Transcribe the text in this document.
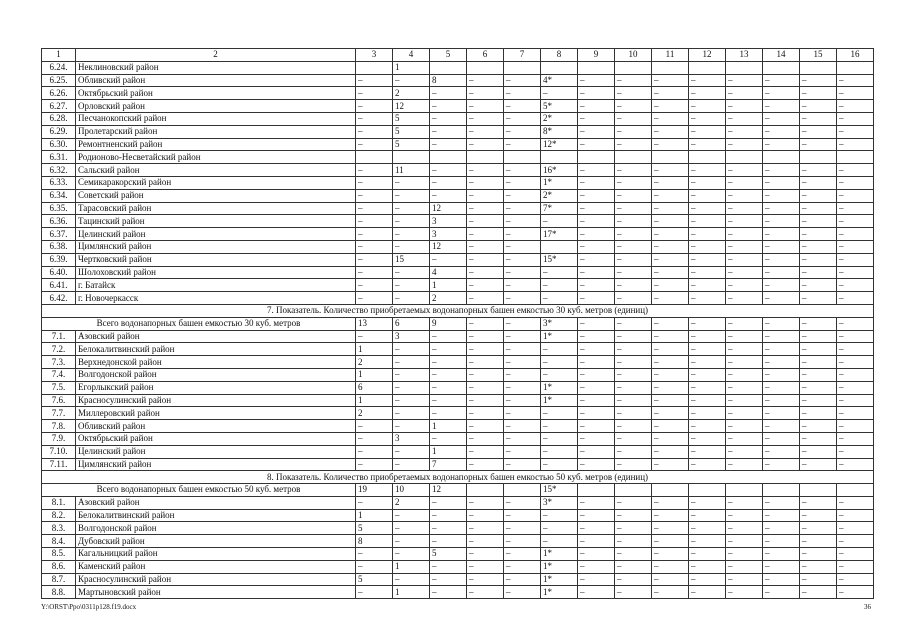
1	2	3	4	5	6	7	8	9	10	11	12	13	14	15	16
6.24.	Неклиновский район		1												
6.25.	Обливский район	–	–	8	–	–	4*	–	–	–	–	–	–	–	–
6.26.	Октябрьский район	–	2	–	–	–	–	–	–	–	–	–	–	–	–
6.27.	Орловский район	–	12	–	–	–	5*	–	–	–	–	–	–	–	–
6.28.	Песчанокопский район	–	5	–	–	–	2*	–	–	–	–	–	–	–	–
6.29.	Пролетарский район	–	5	–	–	–	8*	–	–	–	–	–	–	–	–
6.30.	Ремонтненский район	–	5	–	–	–	12*	–	–	–	–	–	–	–	–
6.31.	Родионово-Несветайский район														
6.32.	Сальский район	–	11	–	–	–	16*	–	–	–	–	–	–	–	–
6.33.	Семикаракорский район	–	–	–	–	–	1*	–	–	–	–	–	–	–	–
6.34.	Советский район	–	–	–	–	–	2*	–	–	–	–	–	–	–	–
6.35.	Тарасовский район	–	–	12	–	–	7*	–	–	–	–	–	–	–	–
6.36.	Тацинский район	–	–	3	–	–	–	–	–	–	–	–	–	–	–
6.37.	Целинский район	–	–	3	–	–	17*	–	–	–	–	–	–	–	–
6.38.	Цимлянский район	–	–	12	–	–		–	–	–	–	–	–	–	–
6.39.	Чертковский район	–	15	–	–	–	15*	–	–	–	–	–	–	–	–
6.40.	Шолоховский район	–	–	4	–	–	–	–	–	–	–	–	–	–	–
6.41.	г. Батайск	–	–	1	–	–	–	–	–	–	–	–	–	–	–
6.42.	г. Новочеркасск	–	–	2	–	–	–	–	–	–	–	–	–	–	–
7. Показатель. Количество приобретаемых водонапорных башен емкостью 30 куб. метров (единиц)															
Всего водонапорных башен емкостью 30 куб. метров		13	6	9	–	–	3*	–	–	–	–	–	–	–	–
7.1.	Азовский район	–	3	–	–	–	1*	–	–	–	–	–	–	–	–
7.2.	Белокалитвинский район	1	–	–	–	–	–	–	–	–	–	–	–	–	–
7.3.	Верхнедонской район	2	–	–	–	–	–	–	–	–	–	–	–	–	–
7.4.	Волгодонской район	1	–	–	–	–	–	–	–	–	–	–	–	–	–
7.5.	Егорлыкский район	6	–	–	–	–	1*	–	–	–	–	–	–	–	–
7.6.	Красносулинский район	1	–	–	–	–	1*	–	–	–	–	–	–	–	–
7.7.	Миллеровский район	2	–	–	–	–	–	–	–	–	–	–	–	–	–
7.8.	Обливский район	–	–	1	–	–	–	–	–	–	–	–	–	–	–
7.9.	Октябрьский район	–	3	–	–	–	–	–	–	–	–	–	–	–	–
7.10.	Целинский район	–	–	1	–	–	–	–	–	–	–	–	–	–	–
7.11.	Цимлянский район	–	–	7	–	–	–	–	–	–	–	–	–	–	–
8. Показатель. Количество приобретаемых водонапорных башен емкостью 50 куб. метров (единиц)															
Всего водонапорных башен емкостью 50 куб. метров		19	10	12			15*								
8.1.	Азовский район	–	2	–	–	–	3*	–	–	–	–	–	–	–	–
8.2.	Белокалитвинский район	1	–	–	–	–	–	–	–	–	–	–	–	–	–
8.3.	Волгодонской район	5	–	–	–	–	–	–	–	–	–	–	–	–	–
8.4.	Дубовский район	8	–	–	–	–	–	–	–	–	–	–	–	–	–
8.5.	Кагальницкий район	–	–	5	–	–	1*	–	–	–	–	–	–	–	–
8.6.	Каменский район	–	1	–	–	–	1*	–	–	–	–	–	–	–	–
8.7.	Красносулинский район	5	–	–	–	–	1*	–	–	–	–	–	–	–	–
8.8.	Мартыновский район	–	1	–	–	–	1*	–	–	–	–	–	–	–	–
Y:\ORST\Ppo\0311p128.f19.docx	36
